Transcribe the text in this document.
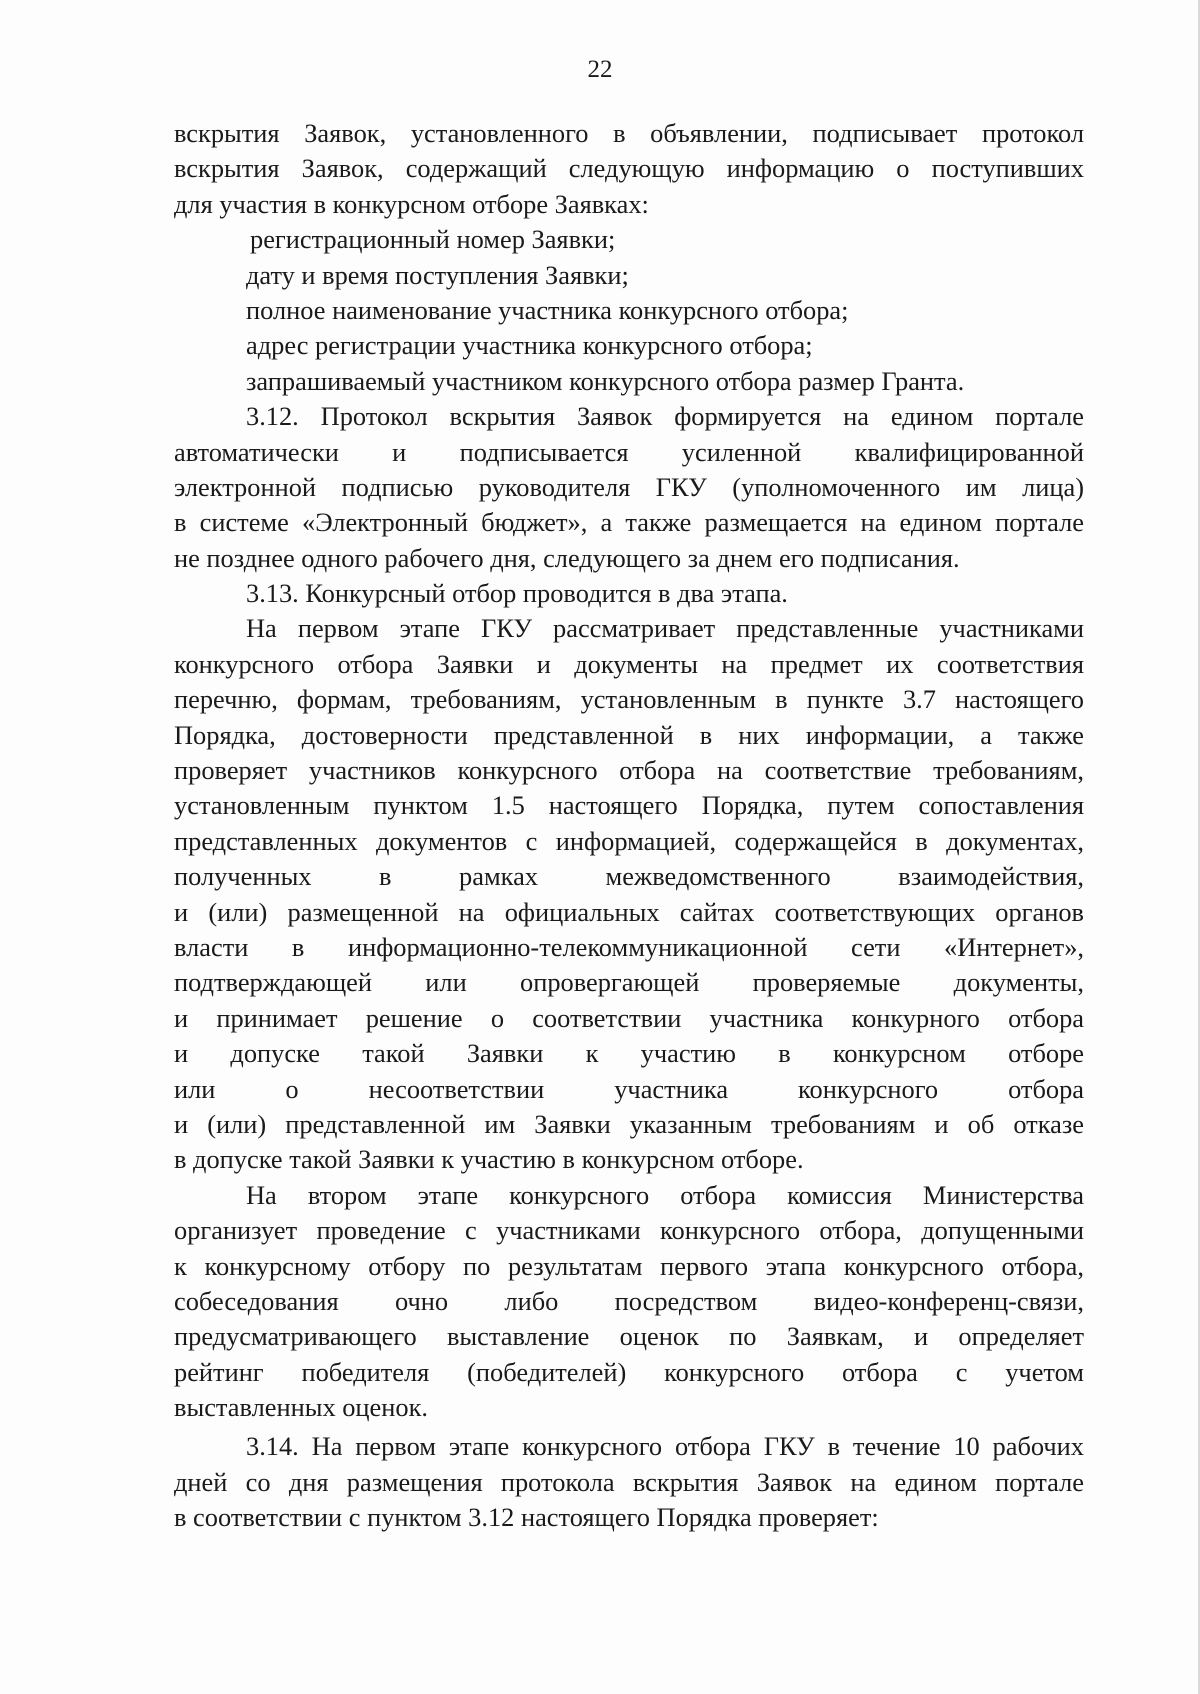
22
вскрытия Заявок, установленного в объявлении, подписывает протокол
вскрытия Заявок, содержащий следующую информацию о поступивших
для участия в конкурсном отборе Заявках:
регистрационный номер Заявки;
дату и время поступления Заявки;
полное наименование участника конкурсного отбора;
адрес регистрации участника конкурсного отбора;
запрашиваемый участником конкурсного отбора размер Гранта.
3.12. Протокол вскрытия Заявок формируется на едином портале
автоматически и подписывается усиленной квалифицированной
электронной подписью руководителя ГКУ (уполномоченного им лица)
в системе «Электронный бюджет», а также размещается на едином портале
не позднее одного рабочего дня, следующего за днем его подписания.
3.13. Конкурсный отбор проводится в два этапа.
На первом этапе ГКУ рассматривает представленные участниками
конкурсного отбора Заявки и документы на предмет их соответствия
перечню, формам, требованиям, установленным в пункте 3.7 настоящего
Порядка, достоверности представленной в них информации, а также
проверяет участников конкурсного отбора на соответствие требованиям,
установленным пунктом 1.5 настоящего Порядка, путем сопоставления
представленных документов с информацией, содержащейся в документах,
полученных в рамках межведомственного взаимодействия,
и (или) размещенной на официальных сайтах соответствующих органов
власти в информационно-телекоммуникационной сети «Интернет»,
подтверждающей или опровергающей проверяемые документы,
и принимает решение о соответствии участника конкурного отбора
и допуске такой Заявки к участию в конкурсном отборе
или о несоответствии участника конкурсного отбора
и (или) представленной им Заявки указанным требованиям и об отказе
в допуске такой Заявки к участию в конкурсном отборе.
На втором этапе конкурсного отбора комиссия Министерства
организует проведение с участниками конкурсного отбора, допущенными
к конкурсному отбору по результатам первого этапа конкурсного отбора,
собеседования очно либо посредством видео-конференц-связи,
предусматривающего выставление оценок по Заявкам, и определяет
рейтинг победителя (победителей) конкурсного отбора с учетом
выставленных оценок.
3.14. На первом этапе конкурсного отбора ГКУ в течение 10 рабочих
дней со дня размещения протокола вскрытия Заявок на едином портале
в соответствии с пунктом 3.12 настоящего Порядка проверяет:
